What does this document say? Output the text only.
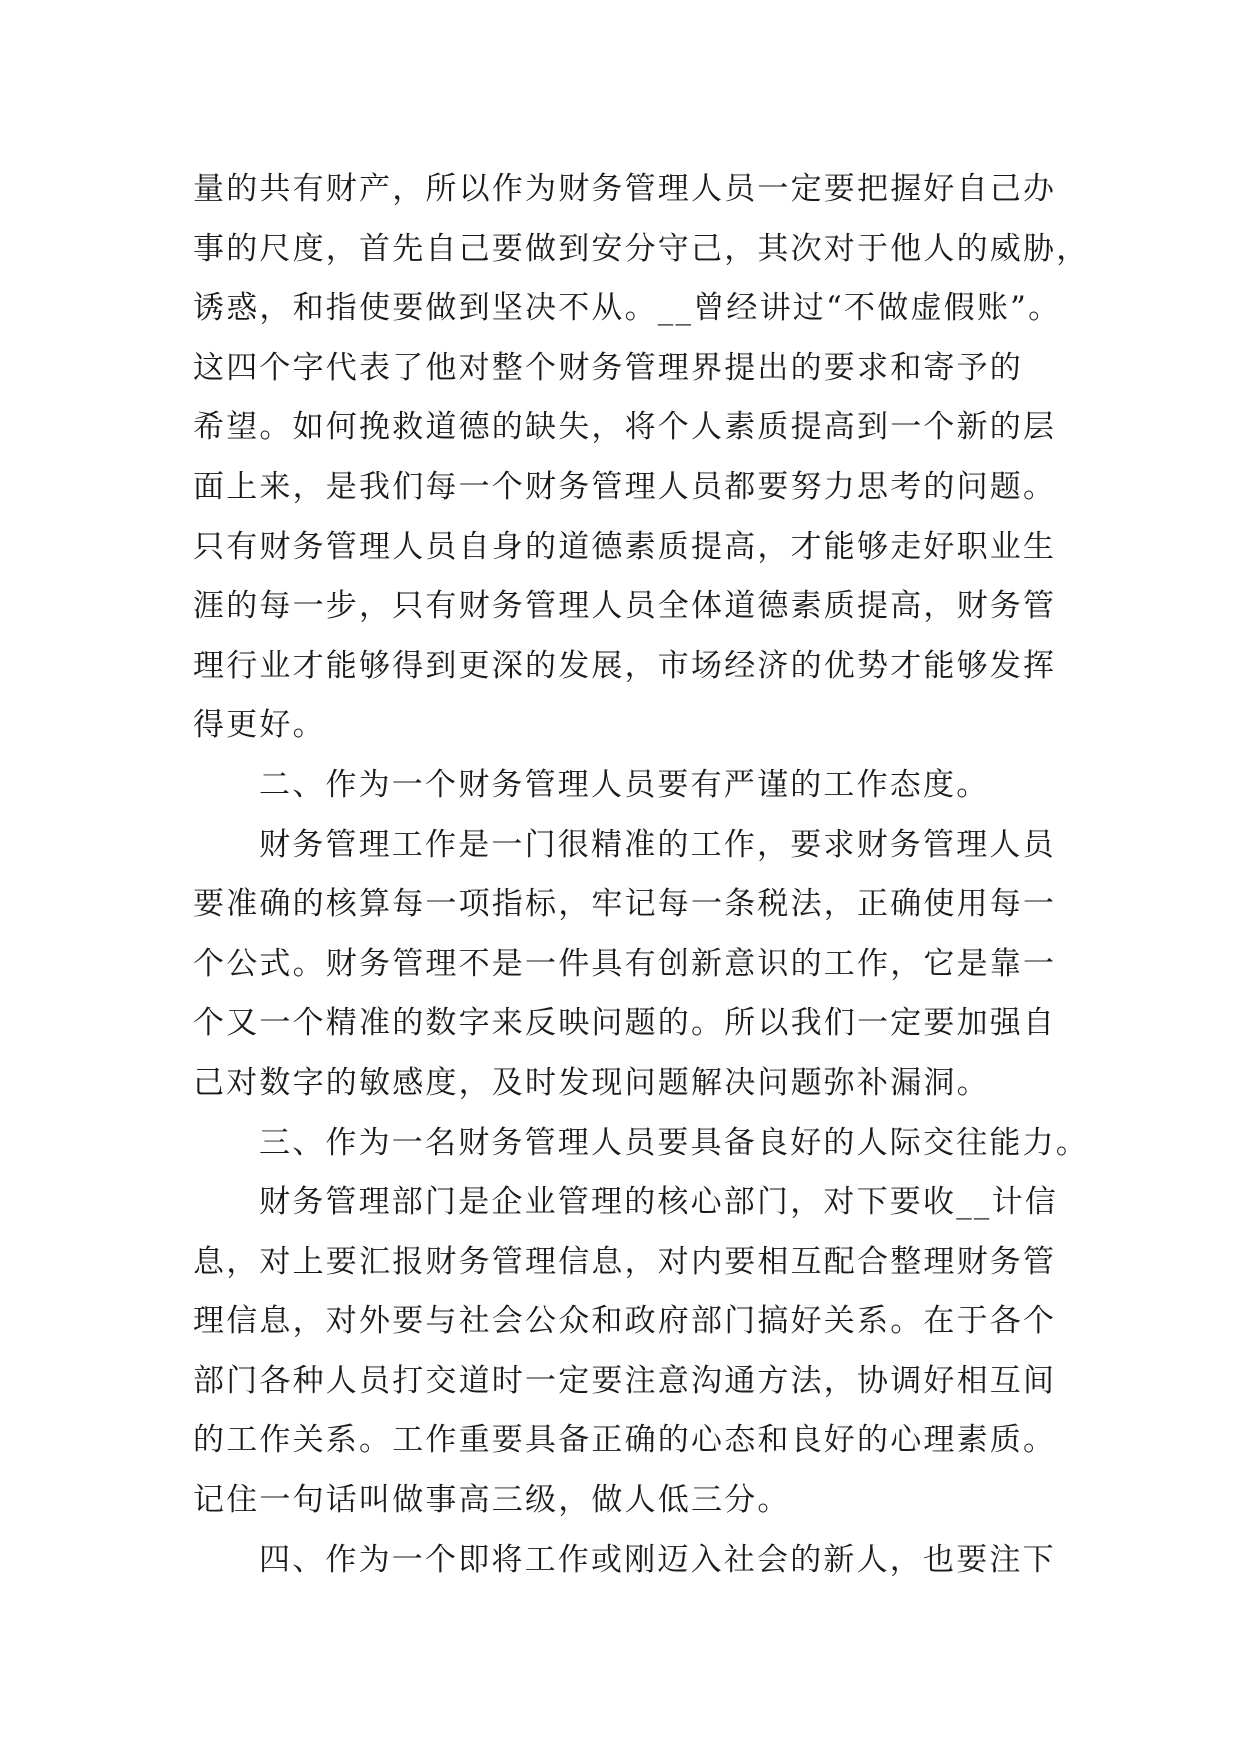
量的共有财产，所以作为财务管理人员一定要把握好自己办
事的尺度，首先自己要做到安分守己，其次对于他人的威胁，
诱惑，和指使要做到坚决不从。__曾经讲过“不做虚假账”。
这四个字代表了他对整个财务管理界提出的要求和寄予的
希望。如何挽救道德的缺失，将个人素质提高到一个新的层
面上来，是我们每一个财务管理人员都要努力思考的问题。
只有财务管理人员自身的道德素质提高，才能够走好职业生
涯的每一步，只有财务管理人员全体道德素质提高，财务管
理行业才能够得到更深的发展，市场经济的优势才能够发挥
得更好。
二、作为一个财务管理人员要有严谨的工作态度。
财务管理工作是一门很精准的工作，要求财务管理人员
要准确的核算每一项指标，牢记每一条税法，正确使用每一
个公式。财务管理不是一件具有创新意识的工作，它是靠一
个又一个精准的数字来反映问题的。所以我们一定要加强自
己对数字的敏感度，及时发现问题解决问题弥补漏洞。
三、作为一名财务管理人员要具备良好的人际交往能力。
财务管理部门是企业管理的核心部门，对下要收__计信
息，对上要汇报财务管理信息，对内要相互配合整理财务管
理信息，对外要与社会公众和政府部门搞好关系。在于各个
部门各种人员打交道时一定要注意沟通方法，协调好相互间
的工作关系。工作重要具备正确的心态和良好的心理素质。
记住一句话叫做事高三级，做人低三分。
四、作为一个即将工作或刚迈入社会的新人，也要注下
